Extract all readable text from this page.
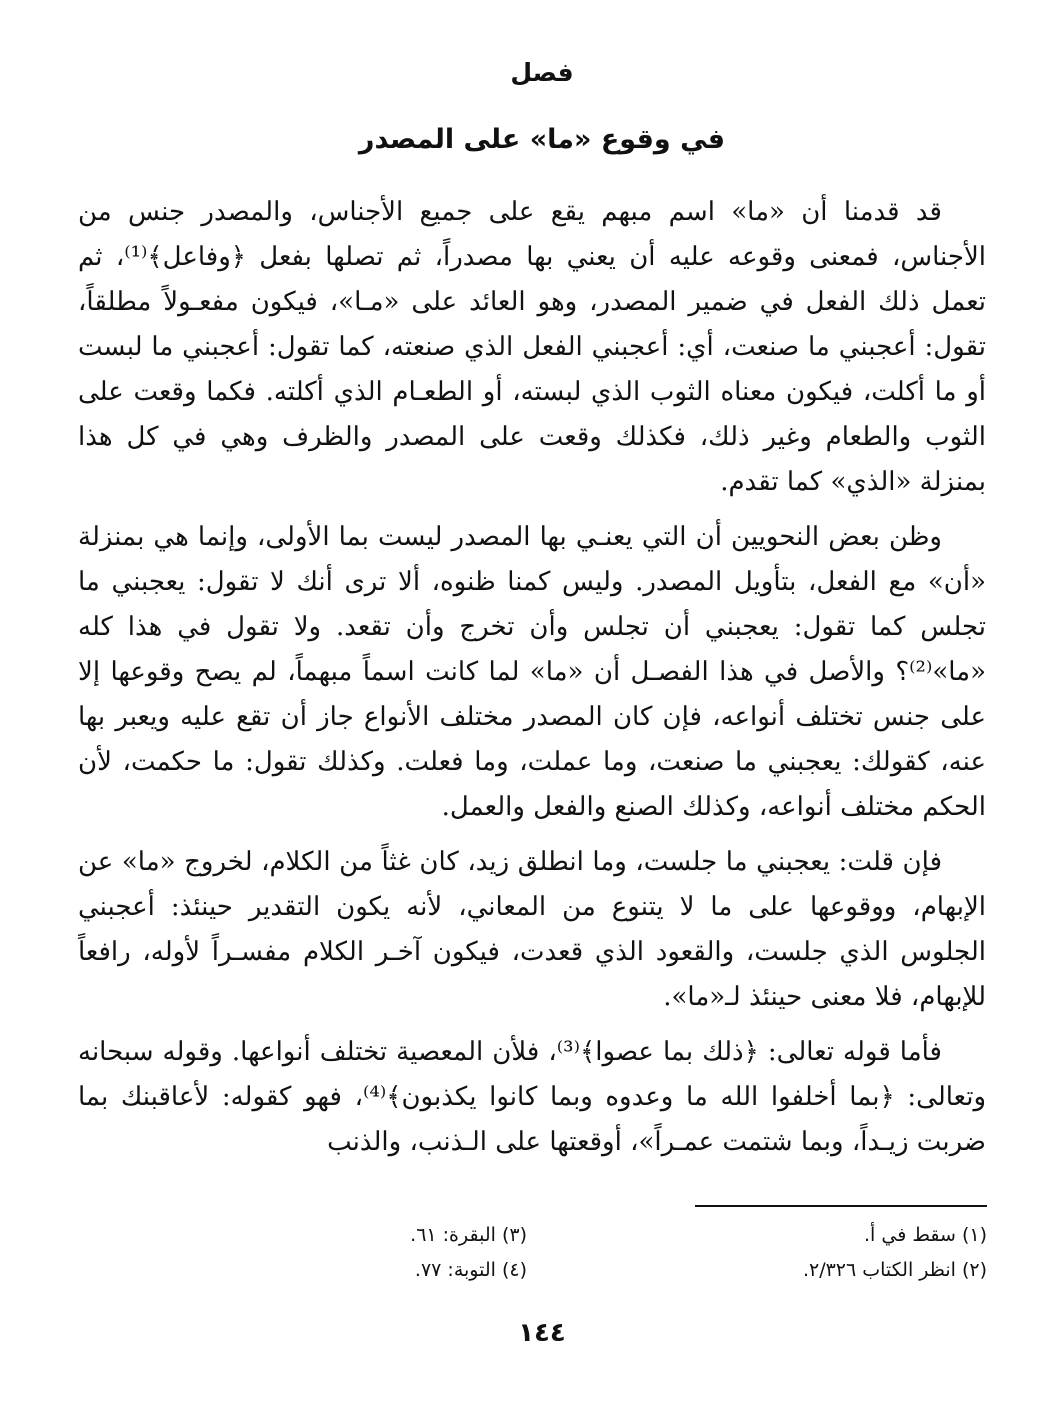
فصل
في وقوع «ما» على المصدر

قد قدمنا أن «ما» اسم مبهم يقع على جميع الأجناس، والمصدر جنس من الأجناس، فمعنى وقوعه عليه أن يعني بها مصدراً، ثم تصلها بفعل ﴿وفاعل﴾⁽¹⁾، ثم تعمل ذلك الفعل في ضمير المصدر، وهو العائد على «مـا»، فيكون مفعـولاً مطلقاً، تقول: أعجبني ما صنعت، أي: أعجبني الفعل الذي صنعته، كما تقول: أعجبني ما لبست أو ما أكلت، فيكون معناه الثوب الذي لبسته، أو الطعـام الذي أكلته. فكما وقعت على الثوب والطعام وغير ذلك، فكذلك وقعت على المصدر والظرف وهي في كل هذا بمنزلة «الذي» كما تقدم.

وظن بعض النحويين أن التي يعنـي بها المصدر ليست بما الأولى، وإنما هي بمنزلة «أن» مع الفعل، بتأويل المصدر. وليس كمنا ظنوه، ألا ترى أنك لا تقول: يعجبني ما تجلس كما تقول: يعجبني أن تجلس وأن تخرج وأن تقعد. ولا تقول في هذا كله «ما»⁽²⁾؟ والأصل في هذا الفصـل أن «ما» لما كانت اسماً مبهماً، لم يصح وقوعها إلا على جنس تختلف أنواعه، فإن كان المصدر مختلف الأنواع جاز أن تقع عليه ويعبر بها عنه، كقولك: يعجبني ما صنعت، وما عملت، وما فعلت. وكذلك تقول: ما حكمت، لأن الحكم مختلف أنواعه، وكذلك الصنع والفعل والعمل.

فإن قلت: يعجبني ما جلست، وما انطلق زيد، كان غثاً من الكلام، لخروج «ما» عن الإبهام، ووقوعها على ما لا يتنوع من المعاني، لأنه يكون التقدير حينئذ: أعجبني الجلوس الذي جلست، والقعود الذي قعدت، فيكون آخـر الكلام مفسـراً لأوله، رافعاً للإبهام، فلا معنى حينئذ لـ«ما».

فأما قوله تعالى: ﴿ذلك بما عصوا﴾⁽³⁾، فلأن المعصية تختلف أنواعها. وقوله سبحانه وتعالى: ﴿بما أخلفوا الله ما وعدوه وبما كانوا يكذبون﴾⁽⁴⁾، فهو كقوله: لأعاقبنك بما ضربت زيـداً، وبما شتمت عمـراً»، أوقعتها على الـذنب، والذنب

(١) سقط في أ.
(٢) انظر الكتاب ٢/٣٢٦.
(٣) البقرة: ٦١.
(٤) التوبة: ٧٧.
١٤٤
